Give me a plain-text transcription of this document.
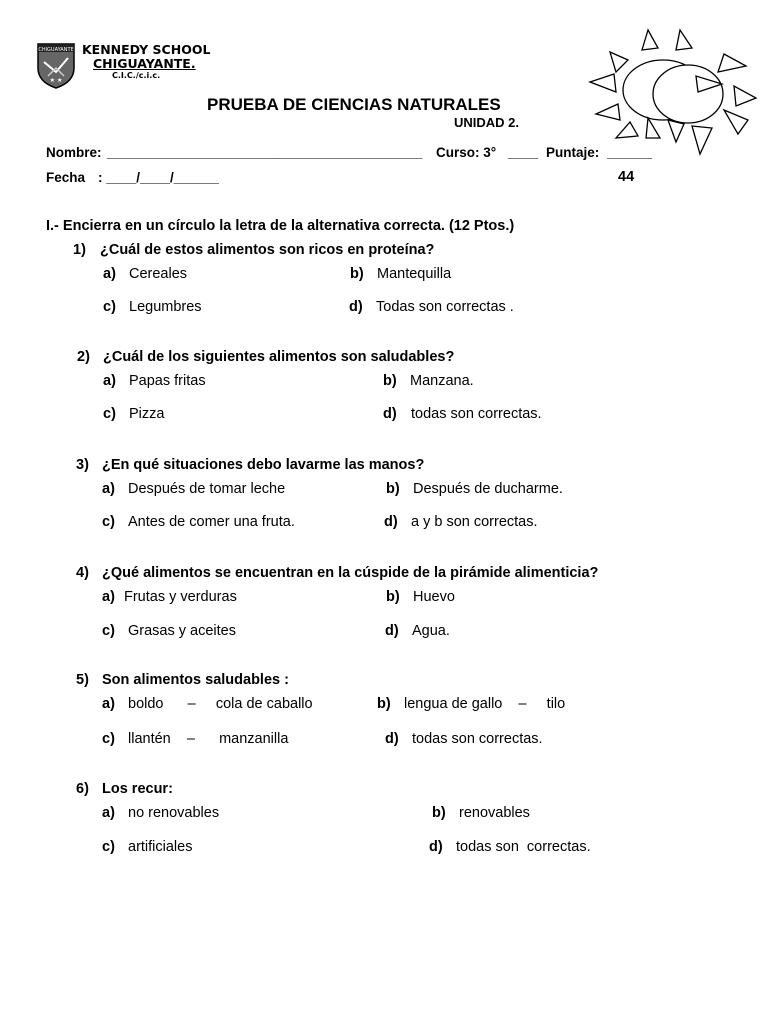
CHIGUAYANTE
★ ★
KENNEDY SCHOOL
CHIGUAYANTE.
C.I.C./c.i.c.
PRUEBA DE CIENCIAS NATURALES
UNIDAD 2.
Nombre: __________________________________________ Curso: 3° ____ Puntaje: ______
Fecha : ____/____/______	44
I.- Encierra en un círculo la letra de la alternativa correcta. (12 Ptos.)
1) ¿Cuál de estos alimentos son ricos en proteína?
a) Cereales	b) Mantequilla
c) Legumbres	d) Todas son correctas .
2) ¿Cuál de los siguientes alimentos son saludables?
a) Papas fritas	b) Manzana.
c) Pizza	d) todas son correctas.
3) ¿En qué situaciones debo lavarme las manos?
a) Después de tomar leche	b) Después de ducharme.
c) Antes de comer una fruta.	d) a y b son correctas.
4) ¿Qué alimentos se encuentran en la cúspide de la pirámide alimenticia?
a) Frutas y verduras	b) Huevo
c) Grasas y aceites	d) Agua.
5) Son alimentos saludables :
a) boldo      –     cola de caballo	b) lengua de gallo    –     tilo
c) llantén    –      manzanilla	d) todas son correctas.
6) Los recur:
a) no renovables	b) renovables
c) artificiales	d) todas son  correctas.
